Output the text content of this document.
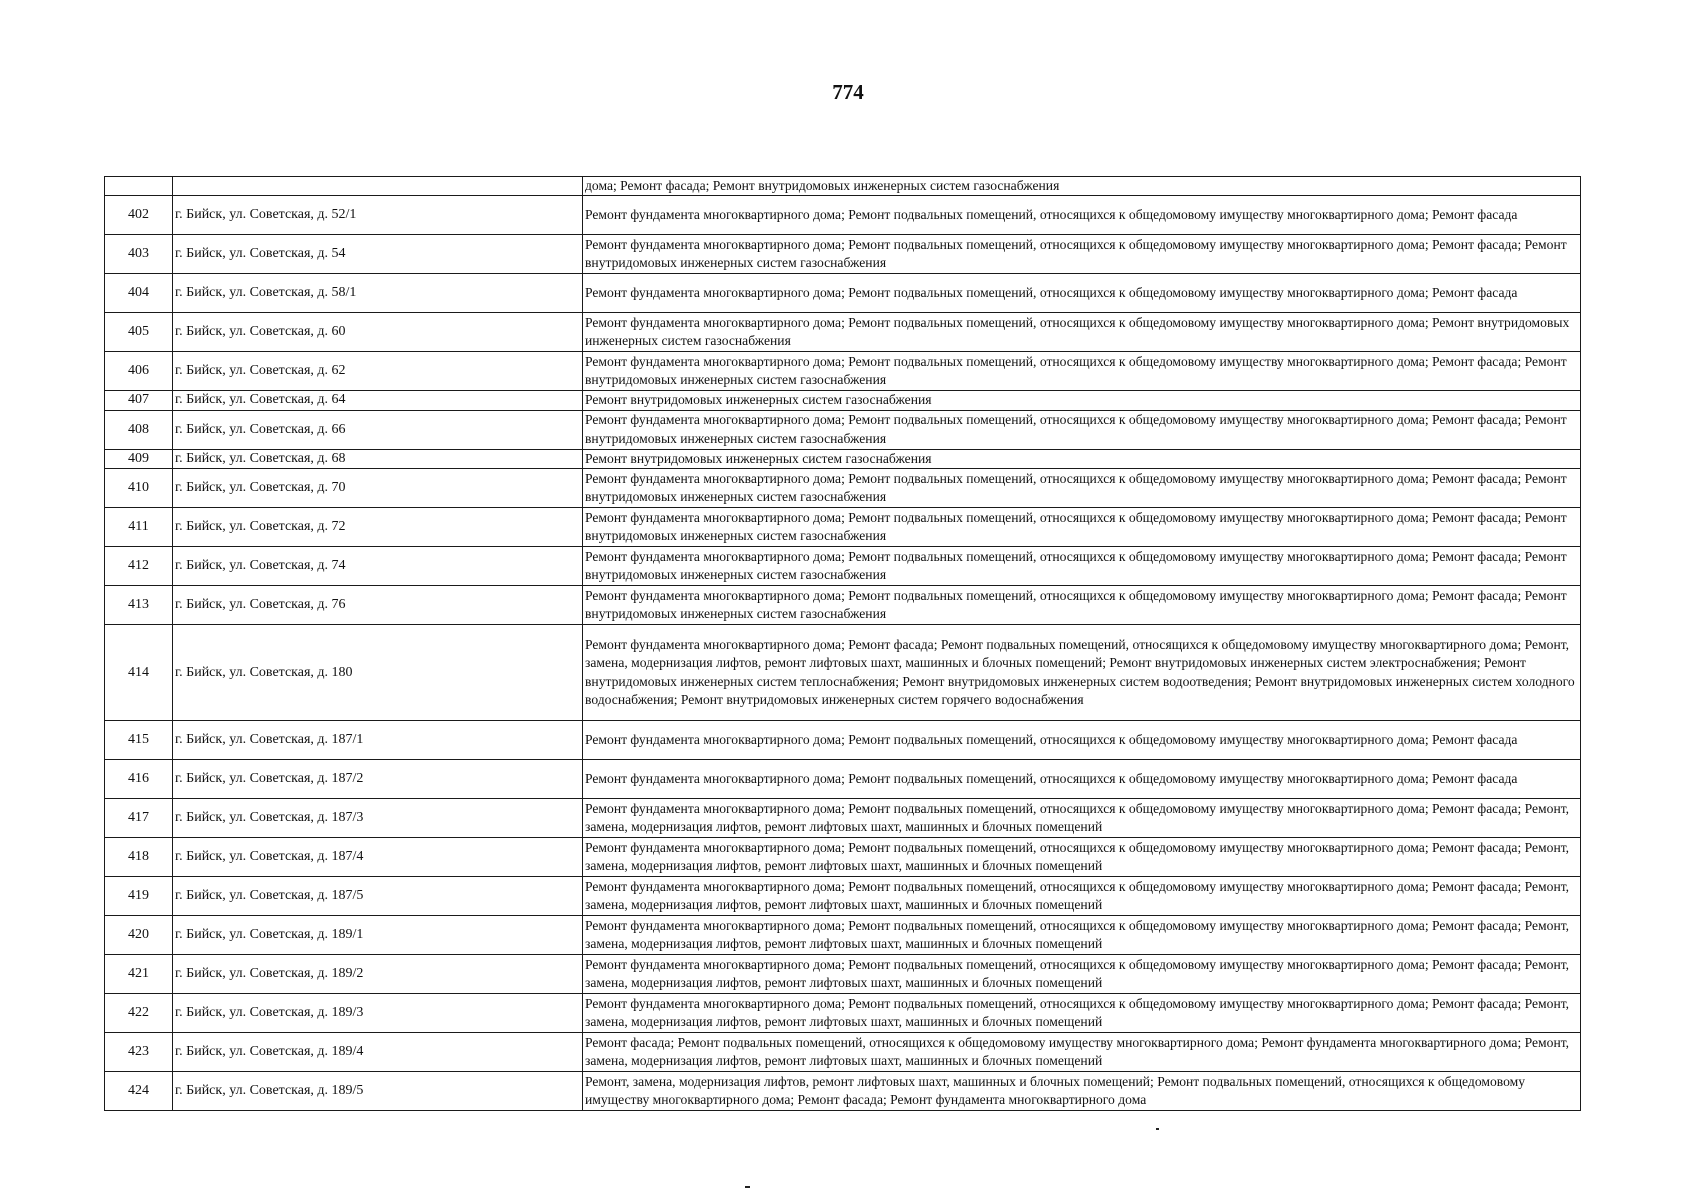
774
		дома; Ремонт фасада; Ремонт внутридомовых инженерных систем газоснабжения
402	г. Бийск, ул. Советская, д. 52/1	Ремонт фундамента многоквартирного дома; Ремонт подвальных помещений, относящихся к общедомовому имуществу многоквартирного дома; Ремонт фасада
403	г. Бийск, ул. Советская, д. 54	Ремонт фундамента многоквартирного дома; Ремонт подвальных помещений, относящихся к общедомовому имуществу многоквартирного дома; Ремонт фасада; Ремонт внутридомовых инженерных систем газоснабжения
404	г. Бийск, ул. Советская, д. 58/1	Ремонт фундамента многоквартирного дома; Ремонт подвальных помещений, относящихся к общедомовому имуществу многоквартирного дома; Ремонт фасада
405	г. Бийск, ул. Советская, д. 60	Ремонт фундамента многоквартирного дома; Ремонт подвальных помещений, относящихся к общедомовому имуществу многоквартирного дома; Ремонт внутридомовых инженерных систем газоснабжения
406	г. Бийск, ул. Советская, д. 62	Ремонт фундамента многоквартирного дома; Ремонт подвальных помещений, относящихся к общедомовому имуществу многоквартирного дома; Ремонт фасада; Ремонт внутридомовых инженерных систем газоснабжения
407	г. Бийск, ул. Советская, д. 64	Ремонт внутридомовых инженерных систем газоснабжения
408	г. Бийск, ул. Советская, д. 66	Ремонт фундамента многоквартирного дома; Ремонт подвальных помещений, относящихся к общедомовому имуществу многоквартирного дома; Ремонт фасада; Ремонт внутридомовых инженерных систем газоснабжения
409	г. Бийск, ул. Советская, д. 68	Ремонт внутридомовых инженерных систем газоснабжения
410	г. Бийск, ул. Советская, д. 70	Ремонт фундамента многоквартирного дома; Ремонт подвальных помещений, относящихся к общедомовому имуществу многоквартирного дома; Ремонт фасада; Ремонт внутридомовых инженерных систем газоснабжения
411	г. Бийск, ул. Советская, д. 72	Ремонт фундамента многоквартирного дома; Ремонт подвальных помещений, относящихся к общедомовому имуществу многоквартирного дома; Ремонт фасада; Ремонт внутридомовых инженерных систем газоснабжения
412	г. Бийск, ул. Советская, д. 74	Ремонт фундамента многоквартирного дома; Ремонт подвальных помещений, относящихся к общедомовому имуществу многоквартирного дома; Ремонт фасада; Ремонт внутридомовых инженерных систем газоснабжения
413	г. Бийск, ул. Советская, д. 76	Ремонт фундамента многоквартирного дома; Ремонт подвальных помещений, относящихся к общедомовому имуществу многоквартирного дома; Ремонт фасада; Ремонт внутридомовых инженерных систем газоснабжения
414	г. Бийск, ул. Советская, д. 180	Ремонт фундамента многоквартирного дома; Ремонт фасада; Ремонт подвальных помещений, относящихся к общедомовому имуществу многоквартирного дома; Ремонт, замена, модернизация лифтов, ремонт лифтовых шахт, машинных и блочных помещений; Ремонт внутридомовых инженерных систем электроснабжения; Ремонт внутридомовых инженерных систем теплоснабжения; Ремонт внутридомовых инженерных систем водоотведения; Ремонт внутридомовых инженерных систем холодного водоснабжения; Ремонт внутридомовых инженерных систем горячего водоснабжения
415	г. Бийск, ул. Советская, д. 187/1	Ремонт фундамента многоквартирного дома; Ремонт подвальных помещений, относящихся к общедомовому имуществу многоквартирного дома; Ремонт фасада
416	г. Бийск, ул. Советская, д. 187/2	Ремонт фундамента многоквартирного дома; Ремонт подвальных помещений, относящихся к общедомовому имуществу многоквартирного дома; Ремонт фасада
417	г. Бийск, ул. Советская, д. 187/3	Ремонт фундамента многоквартирного дома; Ремонт подвальных помещений, относящихся к общедомовому имуществу многоквартирного дома; Ремонт фасада; Ремонт, замена, модернизация лифтов, ремонт лифтовых шахт, машинных и блочных помещений
418	г. Бийск, ул. Советская, д. 187/4	Ремонт фундамента многоквартирного дома; Ремонт подвальных помещений, относящихся к общедомовому имуществу многоквартирного дома; Ремонт фасада; Ремонт, замена, модернизация лифтов, ремонт лифтовых шахт, машинных и блочных помещений
419	г. Бийск, ул. Советская, д. 187/5	Ремонт фундамента многоквартирного дома; Ремонт подвальных помещений, относящихся к общедомовому имуществу многоквартирного дома; Ремонт фасада; Ремонт, замена, модернизация лифтов, ремонт лифтовых шахт, машинных и блочных помещений
420	г. Бийск, ул. Советская, д. 189/1	Ремонт фундамента многоквартирного дома; Ремонт подвальных помещений, относящихся к общедомовому имуществу многоквартирного дома; Ремонт фасада; Ремонт, замена, модернизация лифтов, ремонт лифтовых шахт, машинных и блочных помещений
421	г. Бийск, ул. Советская, д. 189/2	Ремонт фундамента многоквартирного дома; Ремонт подвальных помещений, относящихся к общедомовому имуществу многоквартирного дома; Ремонт фасада; Ремонт, замена, модернизация лифтов, ремонт лифтовых шахт, машинных и блочных помещений
422	г. Бийск, ул. Советская, д. 189/3	Ремонт фундамента многоквартирного дома; Ремонт подвальных помещений, относящихся к общедомовому имуществу многоквартирного дома; Ремонт фасада; Ремонт, замена, модернизация лифтов, ремонт лифтовых шахт, машинных и блочных помещений
423	г. Бийск, ул. Советская, д. 189/4	Ремонт фасада; Ремонт подвальных помещений, относящихся к общедомовому имуществу многоквартирного дома; Ремонт фундамента многоквартирного дома; Ремонт, замена, модернизация лифтов, ремонт лифтовых шахт, машинных и блочных помещений
424	г. Бийск, ул. Советская, д. 189/5	Ремонт, замена, модернизация лифтов, ремонт лифтовых шахт, машинных и блочных помещений; Ремонт подвальных помещений, относящихся к общедомовому имуществу многоквартирного дома; Ремонт фасада; Ремонт фундамента многоквартирного дома
